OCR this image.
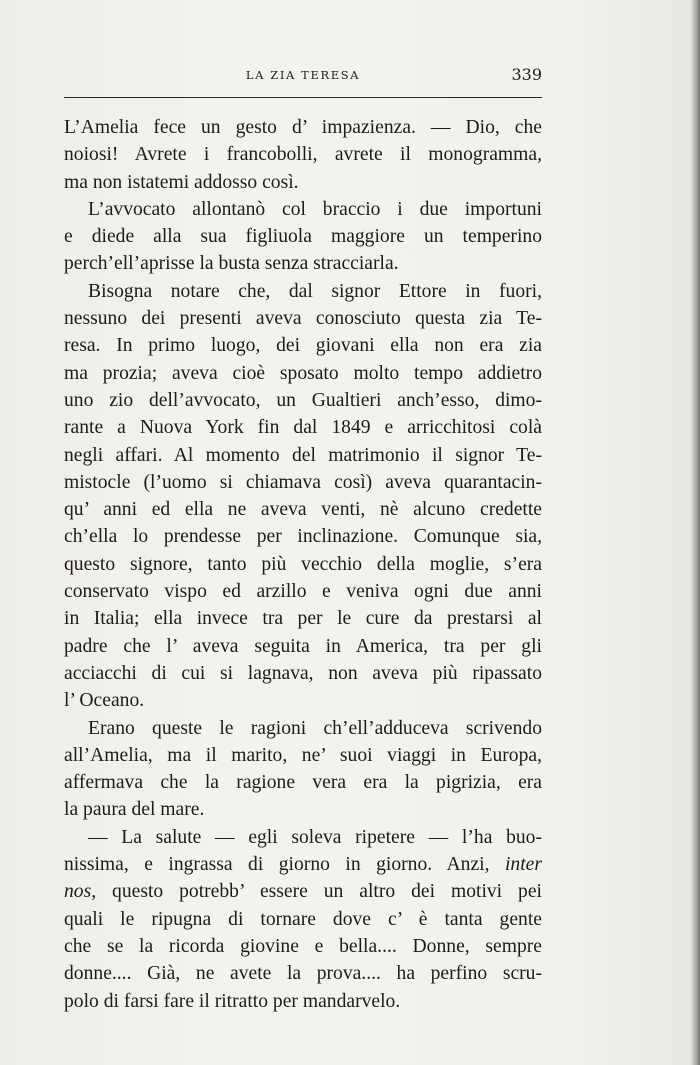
LA ZIA TERESA	339
L’Amelia fece un gesto d’ impazienza. — Dio, che
noiosi! Avrete i francobolli, avrete il monogramma,
ma non istatemi addosso così.
L’avvocato allontanò col braccio i due importuni
e diede alla sua figliuola maggiore un temperino
perch’ell’aprisse la busta senza stracciarla.
Bisogna notare che, dal signor Ettore in fuori,
nessuno dei presenti aveva conosciuto questa zia Te-
resa. In primo luogo, dei giovani ella non era zia
ma prozia; aveva cioè sposato molto tempo addietro
uno zio dell’avvocato, un Gualtieri anch’esso, dimo-
rante a Nuova York fin dal 1849 e arricchitosi colà
negli affari. Al momento del matrimonio il signor Te-
mistocle (l’uomo si chiamava così) aveva quarantacin-
qu’ anni ed ella ne aveva venti, nè alcuno credette
ch’ella lo prendesse per inclinazione. Comunque sia,
questo signore, tanto più vecchio della moglie, s’era
conservato vispo ed arzillo e veniva ogni due anni
in Italia; ella invece tra per le cure da prestarsi al
padre che l’ aveva seguita in America, tra per gli
acciacchi di cui si lagnava, non aveva più ripassato
l’ Oceano.
Erano queste le ragioni ch’ell’adduceva scrivendo
all’Amelia, ma il marito, ne’ suoi viaggi in Europa,
affermava che la ragione vera era la pigrizia, era
la paura del mare.
— La salute — egli soleva ripetere — l’ha buo-
nissima, e ingrassa di giorno in giorno. Anzi, inter
nos, questo potrebb’ essere un altro dei motivi pei
quali le ripugna di tornare dove c’ è tanta gente
che se la ricorda giovine e bella.... Donne, sempre
donne.... Già, ne avete la prova.... ha perfino scru-
polo di farsi fare il ritratto per mandarvelo.
